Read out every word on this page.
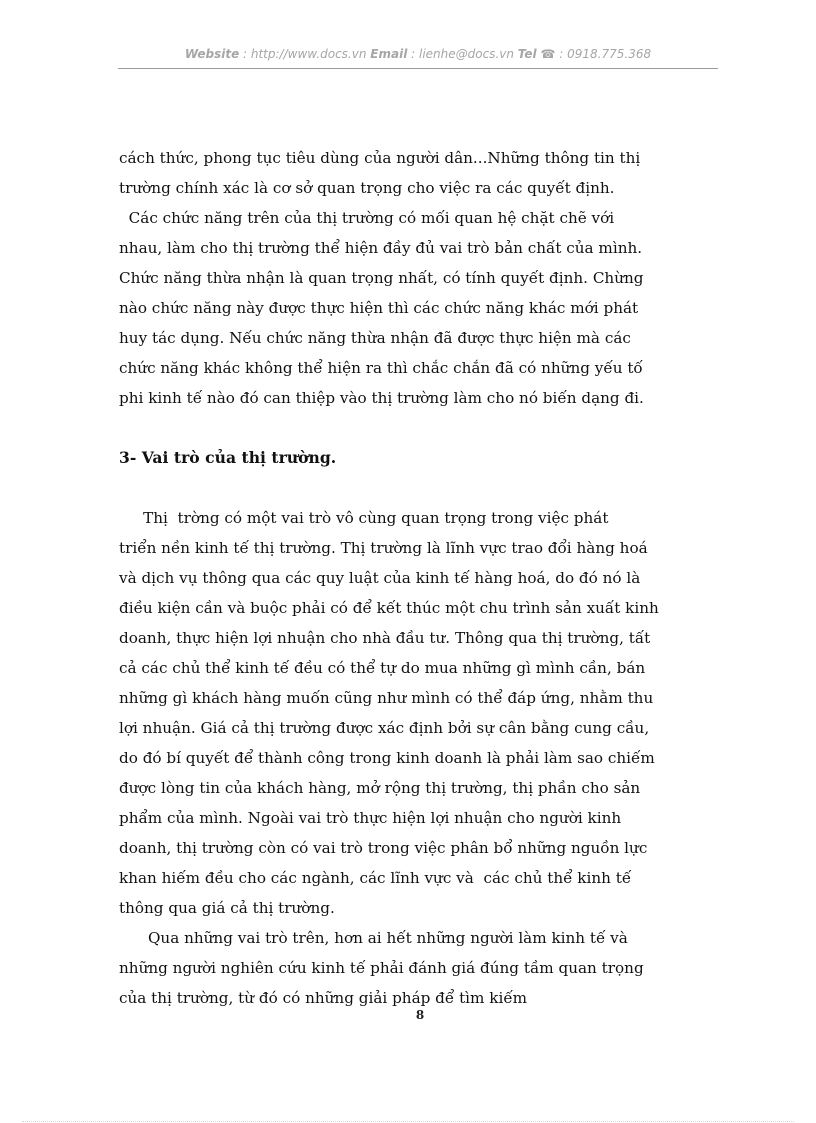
Website : http://www.docs.vn Email : lienhe@docs.vn Tel ☎ : 0918.775.368
cách thức, phong tục tiêu dùng của người dân...Những thông tin thị
trường chính xác là cơ sở quan trọng cho việc ra các quyết định.
Các chức năng trên của thị trường có mối quan hệ chặt chẽ với
nhau, làm cho thị trường thể hiện đầy đủ vai trò bản chất của mình.
Chức năng thừa nhận là quan trọng nhất, có tính quyết định. Chừng
nào chức năng này được thực hiện thì các chức năng khác mới phát
huy tác dụng. Nếu chức năng thừa nhận đã được thực hiện mà các
chức năng khác không thể hiện ra thì chắc chắn đã có những yếu tố
phi kinh tế nào đó can thiệp vào thị trường làm cho nó biến dạng đi.
3- Vai trò của thị trường.
Thị  trờng có một vai trò vô cùng quan trọng trong việc phát
triển nền kinh tế thị trường. Thị trường là lĩnh vực trao đổi hàng hoá
và dịch vụ thông qua các quy luật của kinh tế hàng hoá, do đó nó là
điều kiện cần và buộc phải có để kết thúc một chu trình sản xuất kinh
doanh, thực hiện lợi nhuận cho nhà đầu tư. Thông qua thị trường, tất
cả các chủ thể kinh tế đều có thể tự do mua những gì mình cần, bán
những gì khách hàng muốn cũng như mình có thể đáp ứng, nhằm thu
lợi nhuận. Giá cả thị trường được xác định bởi sự cân bằng cung cầu,
do đó bí quyết để thành công trong kinh doanh là phải làm sao chiếm
được lòng tin của khách hàng, mở rộng thị trường, thị phần cho sản
phẩm của mình. Ngoài vai trò thực hiện lợi nhuận cho người kinh
doanh, thị trường còn có vai trò trong việc phân bổ những nguồn lực
khan hiếm đều cho các ngành, các lĩnh vực và  các chủ thể kinh tế
thông qua giá cả thị trường.
Qua những vai trò trên, hơn ai hết những người làm kinh tế và
những người nghiên cứu kinh tế phải đánh giá đúng tầm quan trọng
của thị trường, từ đó có những giải pháp để tìm kiếm
8
